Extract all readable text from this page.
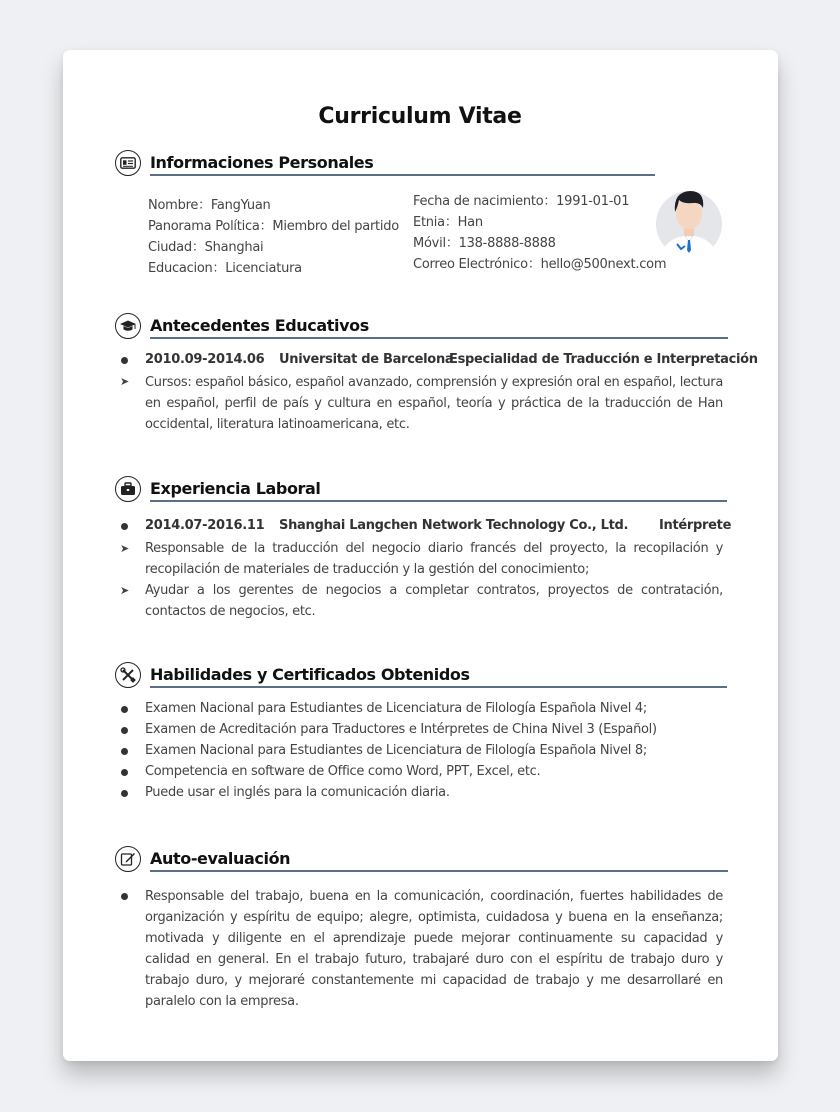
Curriculum Vitae
Informaciones Personales
Nombre：FangYuan
Panorama Política：Miembro del partido
Ciudad：Shanghai
Educacion：Licenciatura
Fecha de nacimiento：1991-01-01
Etnia：Han
Móvil：138-8888-8888
Correo Electrónico：hello@500next.com
Antecedentes Educativos
2010.09-2014.06 Universitat de Barcelona
Especialidad de Traducción e Interpretación
➤ Cursos: español básico, español avanzado, comprensión y expresión oral en español, lectura en español, perfil de país y cultura en español, teoría y práctica de la traducción de Han occidental, literatura latinoamericana, etc.
Experiencia Laboral
2014.07-2016.11 Shanghai Langchen Network Technology Co., Ltd. Intérprete
➤ Responsable de la traducción del negocio diario francés del proyecto, la recopilación y recopilación de materiales de traducción y la gestión del conocimiento;
➤ Ayudar a los gerentes de negocios a completar contratos, proyectos de contratación, contactos de negocios, etc.
Habilidades y Certificados Obtenidos
Examen Nacional para Estudiantes de Licenciatura de Filología Española Nivel 4;
Examen de Acreditación para Traductores e Intérpretes de China Nivel 3 (Español)
Examen Nacional para Estudiantes de Licenciatura de Filología Española Nivel 8;
Competencia en software de Office como Word, PPT, Excel, etc.
Puede usar el inglés para la comunicación diaria.
Auto-evaluación
Responsable del trabajo, buena en la comunicación, coordinación, fuertes habilidades de organización y espíritu de equipo; alegre, optimista, cuidadosa y buena en la enseñanza; motivada y diligente en el aprendizaje puede mejorar continuamente su capacidad y calidad en general. En el trabajo futuro, trabajaré duro con el espíritu de trabajo duro y trabajo duro, y mejoraré constantemente mi capacidad de trabajo y me desarrollaré en paralelo con la empresa.
